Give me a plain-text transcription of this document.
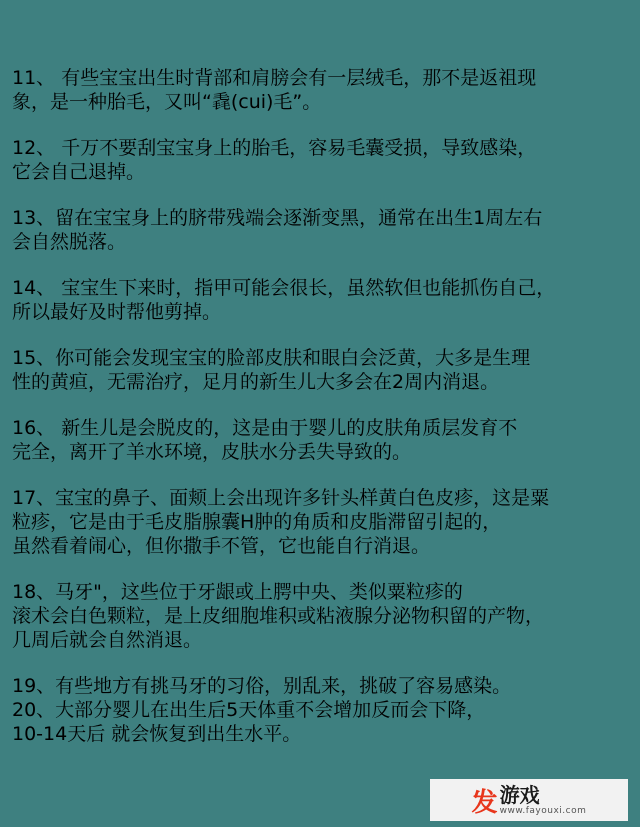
11、 有些宝宝出生时背部和肩膀会有一层绒毛，那不是返祖现
象，是一种胎毛，又叫“毳(cui)毛”。
12、 千万不要刮宝宝身上的胎毛，容易毛囊受损，导致感染，
它会自己退掉。
13、留在宝宝身上的脐带残端会逐渐变黑，通常在出生1周左右
会自然脱落。
14、 宝宝生下来时，指甲可能会很长，虽然软但也能抓伤自己，
所以最好及时帮他剪掉。
15、你可能会发现宝宝的脸部皮肤和眼白会泛黄，大多是生理
性的黄疸，无需治疗，足月的新生儿大多会在2周内消退。
16、 新生儿是会脱皮的，这是由于婴儿的皮肤角质层发育不
完全，离开了羊水环境，皮肤水分丢失导致的。
17、宝宝的鼻子、面颊上会出现许多针头样黄白色皮疹，这是粟
粒疹，它是由于毛皮脂腺囊H肿的角质和皮脂滞留引起的，
虽然看着闹心，但你撒手不管，它也能自行消退。
18、马牙"，这些位于牙龈或上腭中央、类似粟粒疹的
滚术会白色颗粒，是上皮细胞堆积或粘液腺分泌物积留的产物，
几周后就会自然消退。
19、有些地方有挑马牙的习俗，别乱来，挑破了容易感染。
20、大部分婴儿在出生后5天体重不会增加反而会下降，
10-14天后 就会恢复到出生水平。
发 游戏
www.fayouxi.com
